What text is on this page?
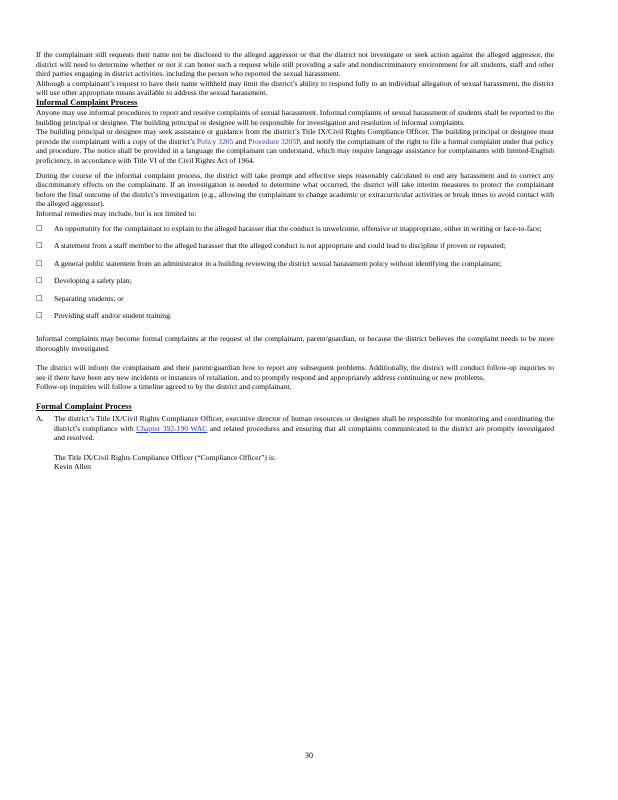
If the complainant still requests their name not be disclosed to the alleged aggressor or that the district not investigate or seek action against the alleged aggressor, the district will need to determine whether or not it can honor such a request while still providing a safe and nondiscriminatory environment for all students, staff and other third parties engaging in district activities, including the person who reported the sexual harassment.

Although a complainant’s request to have their name withheld may limit the district’s ability to respond fully to an individual allegation of sexual harassment, the district will use other appropriate means available to address the sexual harassment.

Informal Complaint Process

Anyone may use informal procedures to report and resolve complaints of sexual harassment. Informal complaints of sexual harassment of students shall be reported to the building principal or designee. The building principal or designee will be responsible for investigation and resolution of informal complaints.

The building principal or designee may seek assistance or guidance from the district’s Title IX/Civil Rights Compliance Officer. The building principal or designee must provide the complainant with a copy of the district’s Policy 3205 and Procedure 3205P, and notify the complainant of the right to file a formal complaint under that policy and procedure. The notice shall be provided in a language the complainant can understand, which may require language assistance for complainants with limited-English proficiency, in accordance with Title VI of the Civil Rights Act of 1964.

During the course of the informal complaint process, the district will take prompt and effective steps reasonably calculated to end any harassment and to correct any discriminatory effects on the complainant. If an investigation is needed to determine what occurred, the district will take interim measures to protect the complainant before the final outcome of the district’s investigation (e.g., allowing the complainant to change academic or extracurricular activities or break times to avoid contact with the alleged aggressor).

Informal remedies may include, but is not limited to:

□ An opportunity for the complainant to explain to the alleged harasser that the conduct is unwelcome, offensive or inappropriate, either in writing or face-to-face;
□ A statement from a staff member to the alleged harasser that the alleged conduct is not appropriate and could lead to discipline if proven or repeated;
□ A general public statement from an administrator in a building reviewing the district sexual harassment policy without identifying the complainant;
□ Developing a safety plan;
□ Separating students; or
□ Providing staff and/or student training.

Informal complaints may become formal complaints at the request of the complainant, parent/guardian, or because the district believes the complaint needs to be more thoroughly investigated.

The district will inform the complainant and their parent/guardian how to report any subsequent problems. Additionally, the district will conduct follow-up inquiries to see if there have been any new incidents or instances of retaliation, and to promptly respond and appropriately address continuing or new problems.

Follow-up inquiries will follow a timeline agreed to by the district and complainant.

Formal Complaint Process
A. The district’s Title IX/Civil Rights Compliance Officer, executive director of human resources or designee shall be responsible for monitoring and coordinating the district’s compliance with Chapter 392-190 WAC and related procedures and ensuring that all complaints communicated to the district are promptly investigated and resolved.
The Title IX/Civil Rights Compliance Officer (“Compliance Officer”) is:
Kevin Allen
30
